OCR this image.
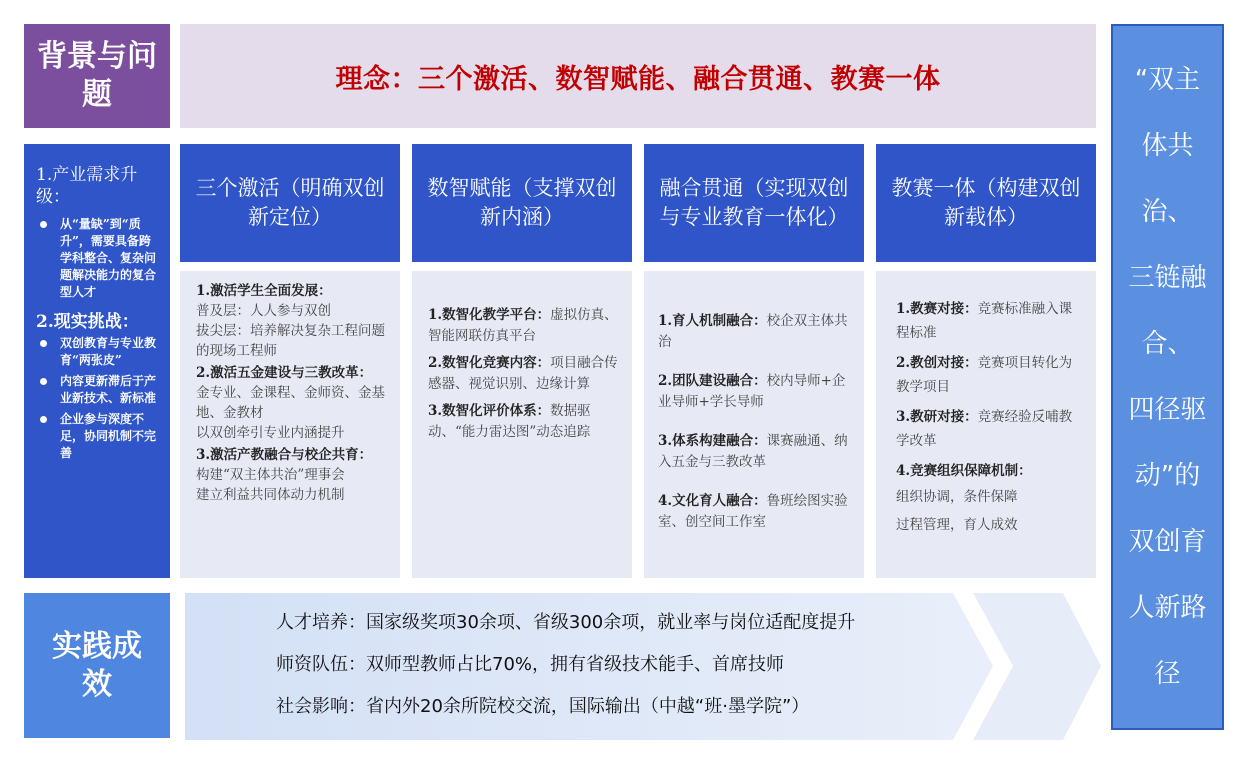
背景与问题	理念：三个激活、数智赋能、融合贯通、教赛一体	“双主
体共治、
三链融
合、
四径驱
动”的
双创育
人新路
径
1.产业需求升级：
从“量缺”到“质升”，需要具备跨学科整合、复杂问题解决能力的复合型人才
2.现实挑战：
双创教育与专业教育“两张皮”
内容更新滞后于产业新技术、新标准
企业参与深度不足，协同机制不完善
三个激活（明确双创新定位）
数智赋能（支撑双创新内涵）
融合贯通（实现双创与专业教育一体化）
教赛一体（构建双创新载体）
1.激活学生全面发展：
普及层：人人参与双创
拔尖层：培养解决复杂工程问题的现场工程师
2.激活五金建设与三教改革：
金专业、金课程、金师资、金基地、金教材
以双创牵引专业内涵提升
3.激活产教融合与校企共育：
构建“双主体共治”理事会
建立利益共同体动力机制
1.数智化教学平台：虚拟仿真、智能网联仿真平台
2.数智化竞赛内容：项目融合传感器、视觉识别、边缘计算
3.数智化评价体系：数据驱动、“能力雷达图”动态追踪
1.育人机制融合：校企双主体共治
2.团队建设融合：校内导师+企业导师+学长导师
3.体系构建融合：课赛融通、纳入五金与三教改革
4.文化育人融合：鲁班绘图实验室、创空间工作室
1.教赛对接：竞赛标准融入课程标准
2.教创对接：竞赛项目转化为教学项目
3.教研对接：竞赛经验反哺教学改革
4.竞赛组织保障机制：
组织协调，条件保障
过程管理，育人成效
实践成效
人才培养：国家级奖项30余项、省级300余项，就业率与岗位适配度提升
师资队伍：双师型教师占比70%，拥有省级技术能手、首席技师
社会影响：省内外20余所院校交流，国际输出（中越“班·墨学院”）
